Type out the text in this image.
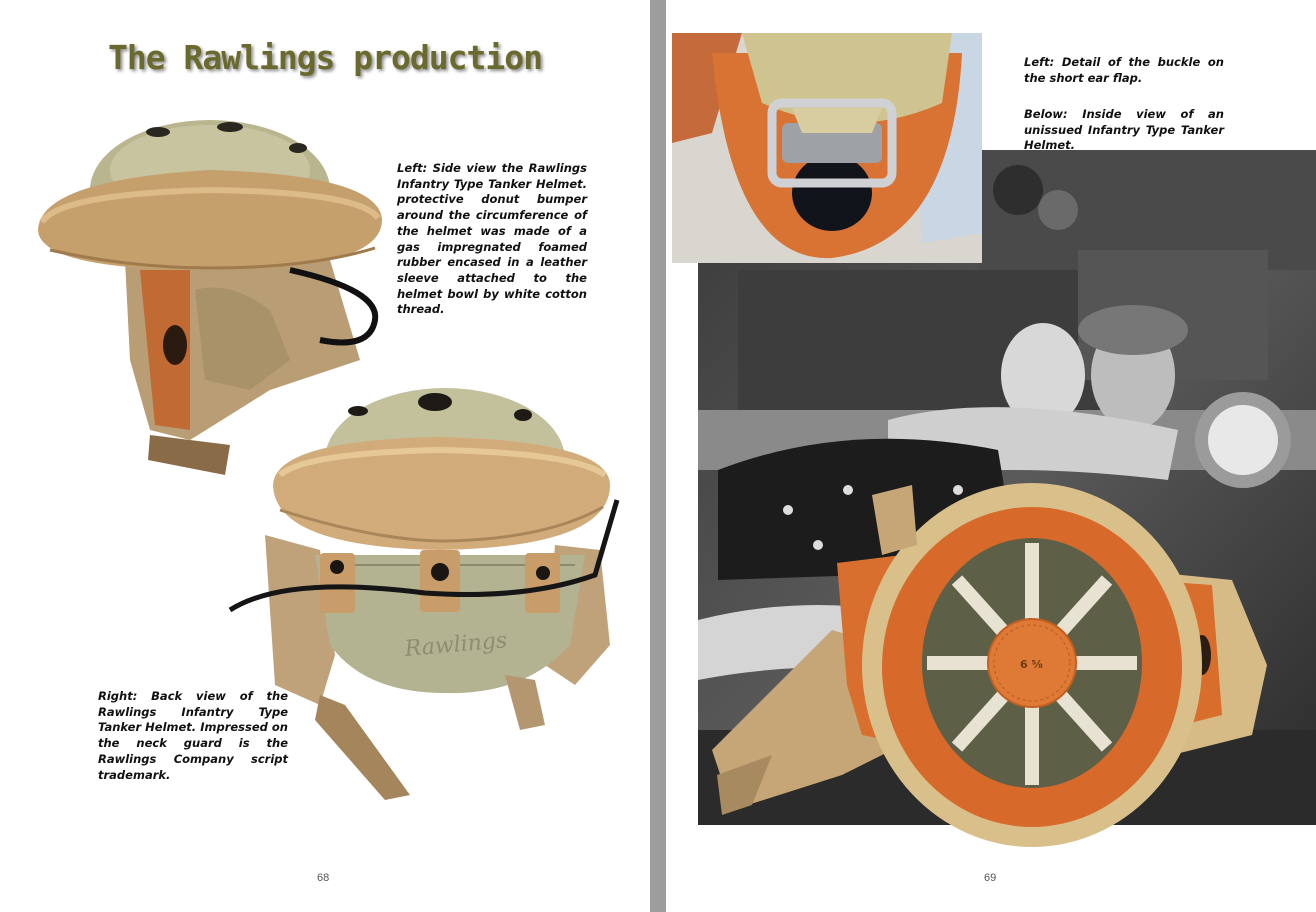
The Rawlings production
Left: Side view the Rawlings Infantry Type Tanker Helmet. protective donut bumper around the circumference of the helmet was made of a gas impregnated foamed rubber encased in a leather sleeve attached to the helmet bowl by white cotton thread.
Rawlings
Right: Back view of the Rawlings Infantry Type Tanker Helmet. Impressed on the neck guard is the Rawlings Company script trademark.
68
Left: Detail of the buckle on the short ear flap.
Below: Inside view of an unissued Infantry Type Tanker Helmet.
6 ⅝
69
